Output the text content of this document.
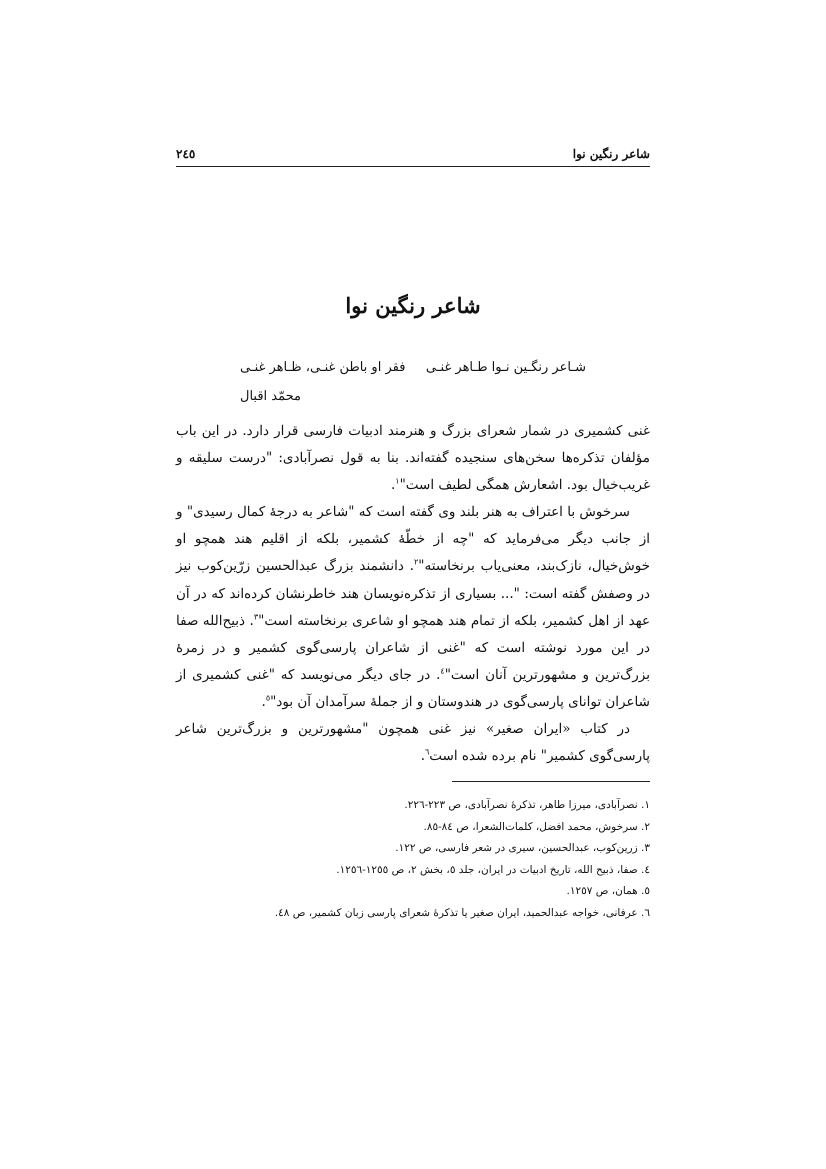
شاعر رنگین نوا
۲٤٥
شاعر رنگین نوا
شـاعر رنگـین نـوا طـاهر غنـی
فقر او باطن غنـی، ظـاهر غنـی
محمّد اقبال

غنی کشمیری در شمار شعرای بزرگ و هنرمند ادبیات فارسی قرار دارد. در این باب مؤلفان تذکره‌ها سخن‌های سنجیده گفته‌اند. بنا به قول نصرآبادی: "درست سلیقه و غریب‌خیال بود. اشعارش همگی لطیف است"$^۱$.

سرخوش با اعتراف به هنر بلند وی گفته است که "شاعر به درجهٔ کمال رسیدی" و از جانب دیگر می‌فرماید که "چه از خطّهٔ کشمیر، بلکه از اقلیم هند همچو او خوش‌خیال، نازک‌بند، معنی‌یاب برنخاسته"$^۲$. دانشمند بزرگ عبدالحسین زرّین‌کوب نیز در وصفش گفته است: "... بسیاری از تذکره‌نویسان هند خاطرنشان کرده‌اند که در آن عهد از اهل کشمیر، بلکه از تمام هند همچو او شاعری برنخاسته است"$^۳$. ذبیح‌الله صفا در این مورد نوشته است که "غنی از شاعران پارسی‌گوی کشمیر و در زمرهٔ بزرگ‌ترین و مشهورترین آنان است"$^٤$. در جای دیگر می‌نویسد که "غنی کشمیری از شاعران توانای پارسی‌گوی در هندوستان و از جملهٔ سرآمدان آن بود"$^٥$.

در کتاب «ایران صغیر» نیز غنی همچون "مشهورترین و بزرگ‌ترین شاعر پارسی‌گوی کشمیر" نام برده شده است$^٦$.

۱. نصرآبادی، میرزا طاهر، تذکرهٔ نصرآبادی، ص ۲۲۳-۲۲٦.
۲. سرخوش، محمد افضل، کلمات‌الشعرا، ص ۸٤-۸٥.
۳. زرین‌کوب، عبدالحسین، سیری در شعر فارسی، ص ۱۲۲.
٤. صفا، ذبیح الله، تاریخ ادبیات در ایران، جلد ٥، بخش ۲، ص ۱۲٥٥-۱۲٥٦.
٥. همان، ص ۱۲٥۷.
٦. عرفانی، خواجه عبدالحمید، ایران صغیر یا تذکرهٔ شعرای پارسی زبان کشمیر، ص ٤۸.
